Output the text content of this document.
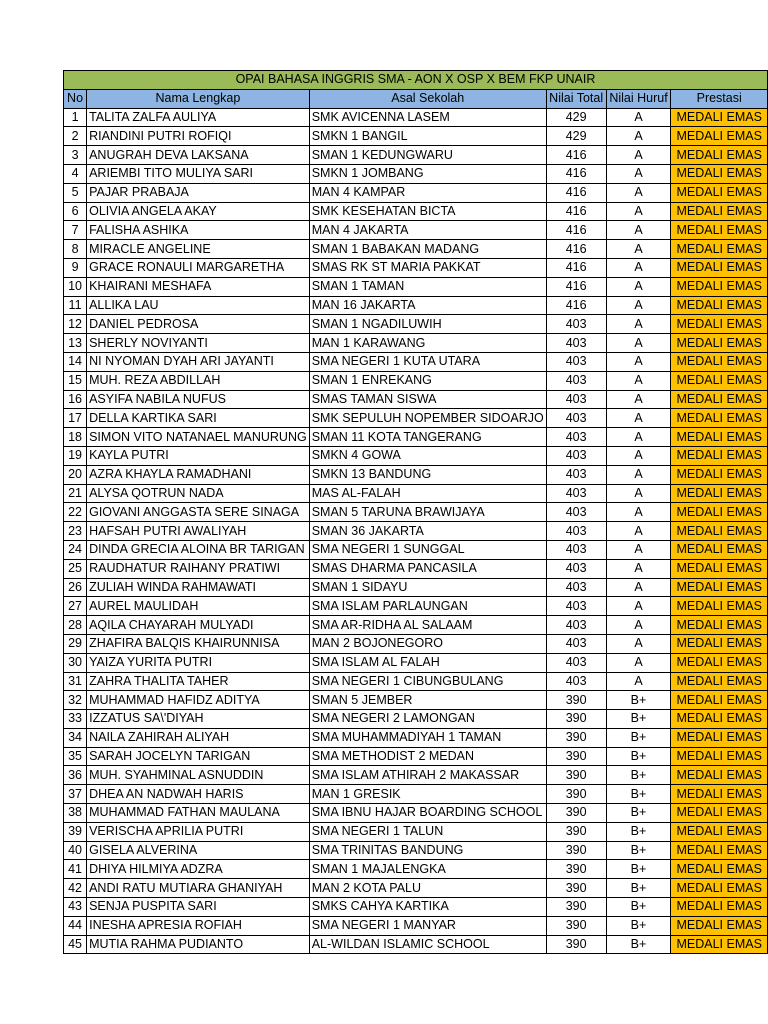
OPAI BAHASA INGGRIS SMA - AON X OSP X BEM FKP UNAIR					
No	Nama Lengkap	Asal Sekolah	Nilai Total	Nilai Huruf	Prestasi
1	TALITA ZALFA AULIYA	SMK AVICENNA LASEM	429	A	MEDALI EMAS
2	RIANDINI PUTRI ROFIQI	SMKN 1 BANGIL	429	A	MEDALI EMAS
3	ANUGRAH DEVA LAKSANA	SMAN 1 KEDUNGWARU	416	A	MEDALI EMAS
4	ARIEMBI TITO MULIYA SARI	SMKN 1 JOMBANG	416	A	MEDALI EMAS
5	PAJAR PRABAJA	MAN 4 KAMPAR	416	A	MEDALI EMAS
6	OLIVIA ANGELA AKAY	SMK KESEHATAN BICTA	416	A	MEDALI EMAS
7	FALISHA ASHIKA	MAN 4 JAKARTA	416	A	MEDALI EMAS
8	MIRACLE ANGELINE	SMAN 1 BABAKAN MADANG	416	A	MEDALI EMAS
9	GRACE RONAULI MARGARETHA	SMAS RK ST MARIA PAKKAT	416	A	MEDALI EMAS
10	KHAIRANI MESHAFA	SMAN 1 TAMAN	416	A	MEDALI EMAS
11	ALLIKA LAU	MAN 16 JAKARTA	416	A	MEDALI EMAS
12	DANIEL PEDROSA	SMAN 1 NGADILUWIH	403	A	MEDALI EMAS
13	SHERLY NOVIYANTI	MAN 1 KARAWANG	403	A	MEDALI EMAS
14	NI NYOMAN DYAH ARI JAYANTI	SMA NEGERI 1 KUTA UTARA	403	A	MEDALI EMAS
15	MUH. REZA ABDILLAH	SMAN 1 ENREKANG	403	A	MEDALI EMAS
16	ASYIFA NABILA NUFUS	SMAS TAMAN SISWA	403	A	MEDALI EMAS
17	DELLA KARTIKA SARI	SMK SEPULUH NOPEMBER SIDOARJO	403	A	MEDALI EMAS
18	SIMON VITO NATANAEL MANURUNG	SMAN 11 KOTA TANGERANG	403	A	MEDALI EMAS
19	KAYLA PUTRI	SMKN 4 GOWA	403	A	MEDALI EMAS
20	AZRA KHAYLA RAMADHANI	SMKN 13 BANDUNG	403	A	MEDALI EMAS
21	ALYSA QOTRUN NADA	MAS AL-FALAH	403	A	MEDALI EMAS
22	GIOVANI ANGGASTA SERE SINAGA	SMAN 5 TARUNA BRAWIJAYA	403	A	MEDALI EMAS
23	HAFSAH PUTRI AWALIYAH	SMAN 36 JAKARTA	403	A	MEDALI EMAS
24	DINDA GRECIA ALOINA BR TARIGAN	SMA NEGERI 1 SUNGGAL	403	A	MEDALI EMAS
25	RAUDHATUR RAIHANY PRATIWI	SMAS DHARMA PANCASILA	403	A	MEDALI EMAS
26	ZULIAH WINDA RAHMAWATI	SMAN 1 SIDAYU	403	A	MEDALI EMAS
27	AUREL MAULIDAH	SMA ISLAM PARLAUNGAN	403	A	MEDALI EMAS
28	AQILA CHAYARAH MULYADI	SMA AR-RIDHA AL SALAAM	403	A	MEDALI EMAS
29	ZHAFIRA BALQIS KHAIRUNNISA	MAN 2 BOJONEGORO	403	A	MEDALI EMAS
30	YAIZA YURITA PUTRI	SMA ISLAM AL FALAH	403	A	MEDALI EMAS
31	ZAHRA THALITA TAHER	SMA NEGERI 1 CIBUNGBULANG	403	A	MEDALI EMAS
32	MUHAMMAD HAFIDZ ADITYA	SMAN 5 JEMBER	390	B+	MEDALI EMAS
33	IZZATUS SA\'DIYAH	SMA NEGERI 2 LAMONGAN	390	B+	MEDALI EMAS
34	NAILA ZAHIRAH ALIYAH	SMA MUHAMMADIYAH 1 TAMAN	390	B+	MEDALI EMAS
35	SARAH JOCELYN TARIGAN	SMA METHODIST 2 MEDAN	390	B+	MEDALI EMAS
36	MUH. SYAHMINAL ASNUDDIN	SMA ISLAM ATHIRAH 2 MAKASSAR	390	B+	MEDALI EMAS
37	DHEA AN NADWAH HARIS	MAN 1 GRESIK	390	B+	MEDALI EMAS
38	MUHAMMAD FATHAN MAULANA	SMA IBNU HAJAR BOARDING SCHOOL	390	B+	MEDALI EMAS
39	VERISCHA APRILIA PUTRI	SMA NEGERI 1 TALUN	390	B+	MEDALI EMAS
40	GISELA ALVERINA	SMA TRINITAS BANDUNG	390	B+	MEDALI EMAS
41	DHIYA HILMIYA ADZRA	SMAN 1 MAJALENGKA	390	B+	MEDALI EMAS
42	ANDI RATU MUTIARA GHANIYAH	MAN 2 KOTA PALU	390	B+	MEDALI EMAS
43	SENJA PUSPITA SARI	SMKS CAHYA KARTIKA	390	B+	MEDALI EMAS
44	INESHA APRESIA ROFIAH	SMA NEGERI 1 MANYAR	390	B+	MEDALI EMAS
45	MUTIA RAHMA PUDIANTO	AL-WILDAN ISLAMIC SCHOOL	390	B+	MEDALI EMAS
